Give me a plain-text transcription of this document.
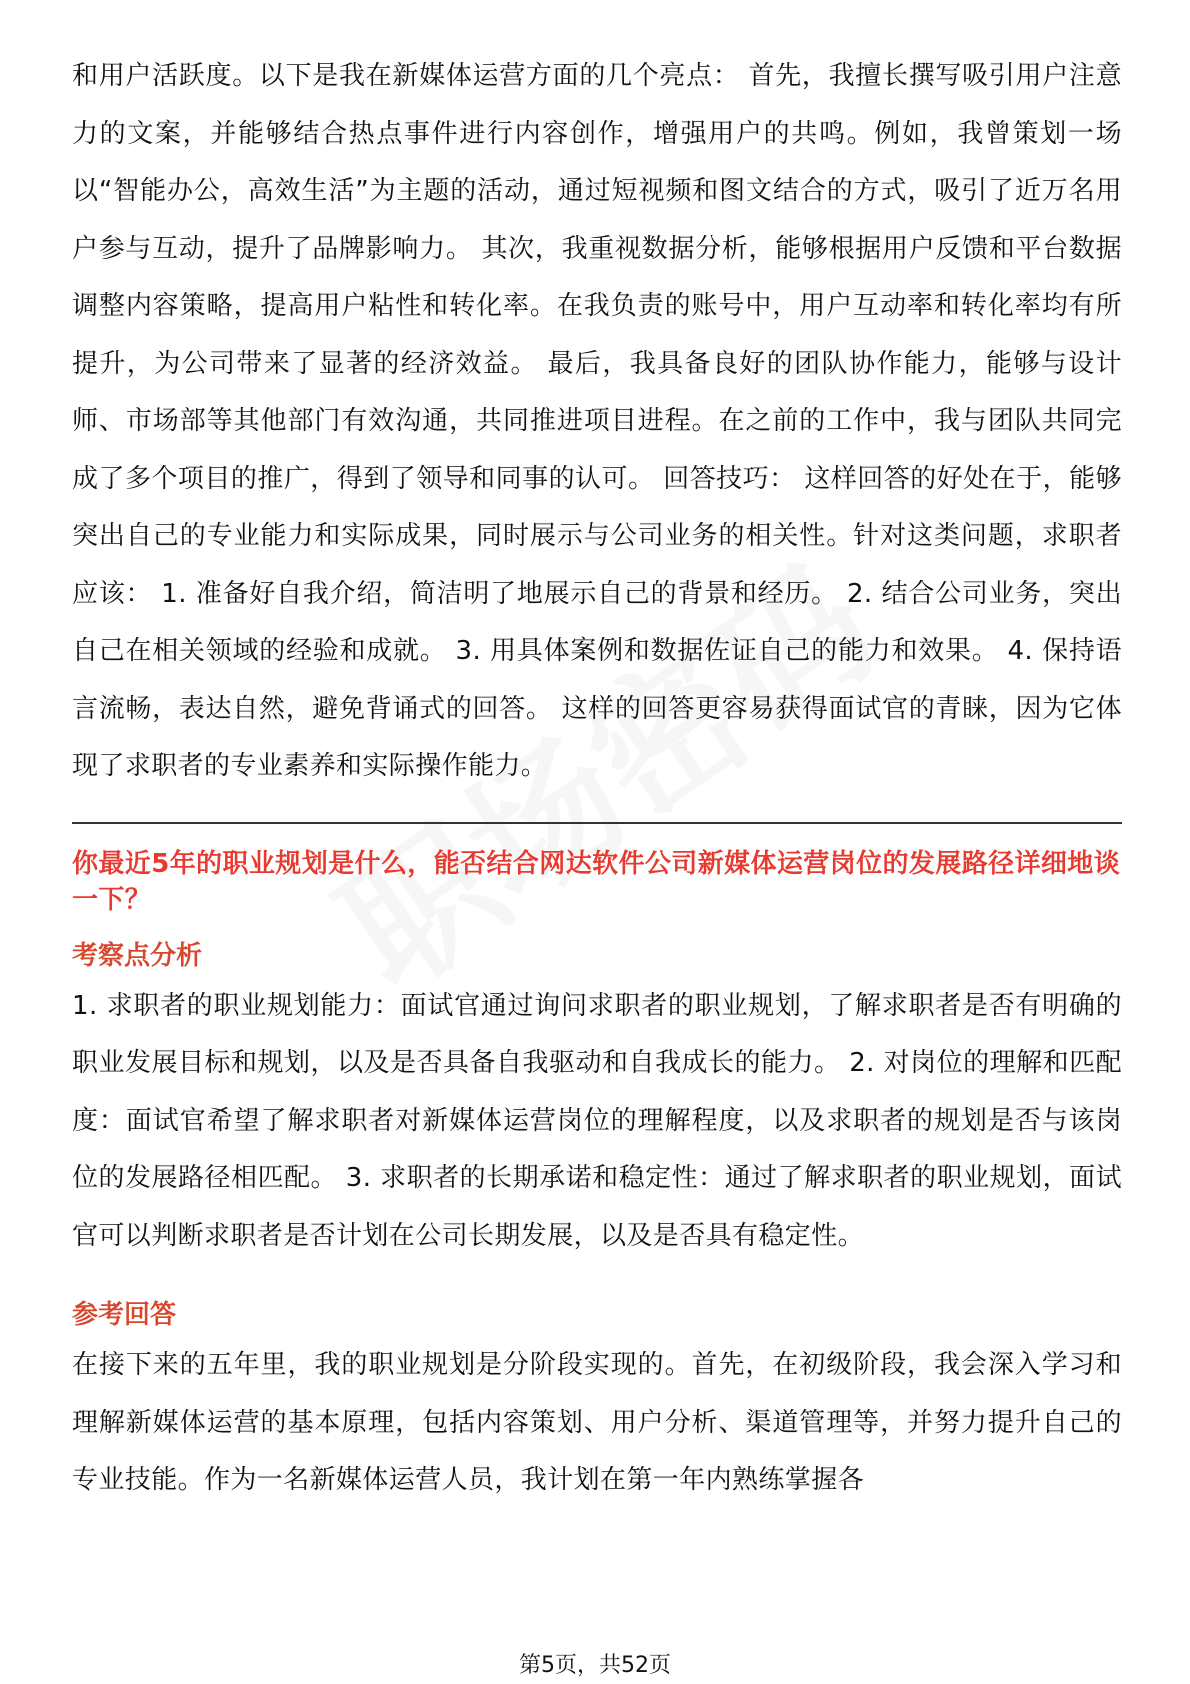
和用户活跃度。以下是我在新媒体运营方面的几个亮点： 首先，我擅长撰写吸引用户注意力的文案，并能够结合热点事件进行内容创作，增强用户的共鸣。例如，我曾策划一场以“智能办公，高效生活”为主题的活动，通过短视频和图文结合的方式，吸引了近万名用户参与互动，提升了品牌影响力。 其次，我重视数据分析，能够根据用户反馈和平台数据调整内容策略，提高用户粘性和转化率。在我负责的账号中，用户互动率和转化率均有所提升，为公司带来了显著的经济效益。 最后，我具备良好的团队协作能力，能够与设计师、市场部等其他部门有效沟通，共同推进项目进程。在之前的工作中，我与团队共同完成了多个项目的推广，得到了领导和同事的认可。 回答技巧： 这样回答的好处在于，能够突出自己的专业能力和实际成果，同时展示与公司业务的相关性。针对这类问题，求职者应该： 1. 准备好自我介绍，简洁明了地展示自己的背景和经历。 2. 结合公司业务，突出自己在相关领域的经验和成就。 3. 用具体案例和数据佐证自己的能力和效果。 4. 保持语言流畅，表达自然，避免背诵式的回答。 这样的回答更容易获得面试官的青睐，因为它体现了求职者的专业素养和实际操作能力。

你最近5年的职业规划是什么，能否结合网达软件公司新媒体运营岗位的发展路径详细地谈一下？

考察点分析

1. 求职者的职业规划能力：面试官通过询问求职者的职业规划，了解求职者是否有明确的职业发展目标和规划，以及是否具备自我驱动和自我成长的能力。 2. 对岗位的理解和匹配度：面试官希望了解求职者对新媒体运营岗位的理解程度，以及求职者的规划是否与该岗位的发展路径相匹配。 3. 求职者的长期承诺和稳定性：通过了解求职者的职业规划，面试官可以判断求职者是否计划在公司长期发展，以及是否具有稳定性。

参考回答

在接下来的五年里，我的职业规划是分阶段实现的。首先，在初级阶段，我会深入学习和理解新媒体运营的基本原理，包括内容策划、用户分析、渠道管理等，并努力提升自己的专业技能。作为一名新媒体运营人员，我计划在第一年内熟练掌握各

第5页，共52页
